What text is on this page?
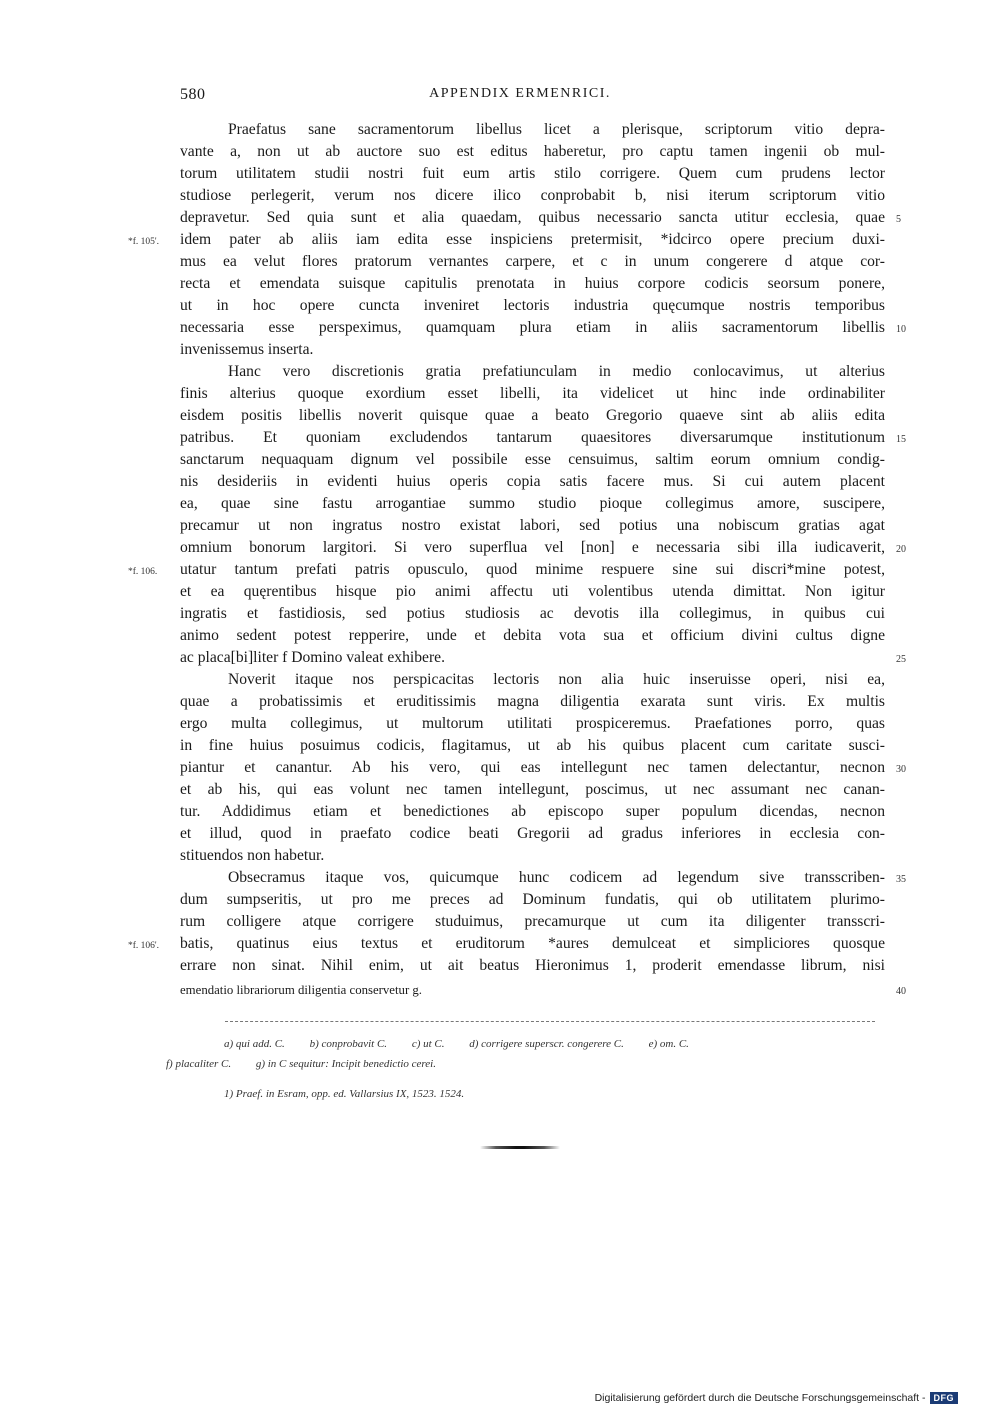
580	APPENDIX ERMENRICI.
Praefatus sane sacramentorum libellus licet a plerisque, scriptorum vitio depra-
vante a, non ut ab auctore suo est editus haberetur, pro captu tamen ingenii ob mul-
torum utilitatem studii nostri fuit eum artis stilo corrigere. Quem cum prudens lector
studiose perlegerit, verum nos dicere ilico conprobabit b, nisi iterum scriptorum vitio
depravetur. Sed quia sunt et alia quaedam, quibus necessario sancta utitur ecclesia, quae
idem pater ab aliis iam edita esse inspiciens pretermisit, *idcirco opere precium duxi-
mus ea velut flores pratorum vernantes carpere, et c in unum congerere d atque cor-
recta et emendata suisque capitulis prenotata in huius corpore codicis seorsum ponere,
ut in hoc opere cuncta inveniret lectoris industria quęcumque nostris temporibus
necessaria esse perspeximus, quamquam plura etiam in aliis sacramentorum libellis
invenissemus inserta.
Hanc vero discretionis gratia prefatiunculam in medio conlocavimus, ut alterius
finis alterius quoque exordium esset libelli, ita videlicet ut hinc inde ordinabiliter
eisdem positis libellis noverit quisque quae a beato Gregorio quaeve sint ab aliis edita
patribus. Et quoniam excludendos tantarum quaesitores diversarumque institutionum
sanctarum nequaquam dignum vel possibile esse censuimus, saltim eorum omnium condig-
nis desideriis in evidenti huius operis copia satis facere mus. Si cui autem placent
ea, quae sine fastu arrogantiae summo studio pioque collegimus amore, suscipere,
precamur ut non ingratus nostro existat labori, sed potius una nobiscum gratias agat
omnium bonorum largitori. Si vero superflua vel [non] e necessaria sibi illa iudicaverit,
utatur tantum prefati patris opusculo, quod minime respuere sine sui discri*mine potest,
et ea quęrentibus hisque pio animi affectu uti volentibus utenda dimittat. Non igitur
ingratis et fastidiosis, sed potius studiosis ac devotis illa collegimus, in quibus cui
animo sedent potest repperire, unde et debita vota sua et officium divini cultus digne
ac placa[bi]liter f Domino valeat exhibere.
Noverit itaque nos perspicacitas lectoris non alia huic inseruisse operi, nisi ea,
quae a probatissimis et eruditissimis magna diligentia exarata sunt viris. Ex multis
ergo multa collegimus, ut multorum utilitati prospiceremus. Praefationes porro, quas
in fine huius posuimus codicis, flagitamus, ut ab his quibus placent cum caritate susci-
piantur et canantur. Ab his vero, qui eas intellegunt nec tamen delectantur, necnon
et ab his, qui eas volunt nec tamen intellegunt, poscimus, ut nec assumant nec canan-
tur. Addidimus etiam et benedictiones ab episcopo super populum dicendas, necnon
et illud, quod in praefato codice beati Gregorii ad gradus inferiores in ecclesia con-
stituendos non habetur.
Obsecramus itaque vos, quicumque hunc codicem ad legendum sive transscriben-
dum sumpseritis, ut pro me preces ad Dominum fundatis, qui ob utilitatem plurimo-
rum colligere atque corrigere studuimus, precamurque ut cum ita diligenter transscri-
batis, quatinus eius textus et eruditorum *aures demulceat et simpliciores quosque
errare non sinat. Nihil enim, ut ait beatus Hieronimus 1, proderit emendasse librum, nisi
emendatio librariorum diligentia conservetur g.
5
10
15
20
25
30
35
40
*f. 105'.
*f. 106.
*f. 106'.
a) qui add. C. b) conprobavit C. c) ut C. d) corrigere superscr. congerere C. e) om. C.
f) placaliter C. g) in C sequitur: Incipit benedictio cerei.
1) Praef. in Esram, opp. ed. Vallarsius IX, 1523. 1524.
Digitalisierung gefördert durch die Deutsche Forschungsgemeinschaft - DFG
